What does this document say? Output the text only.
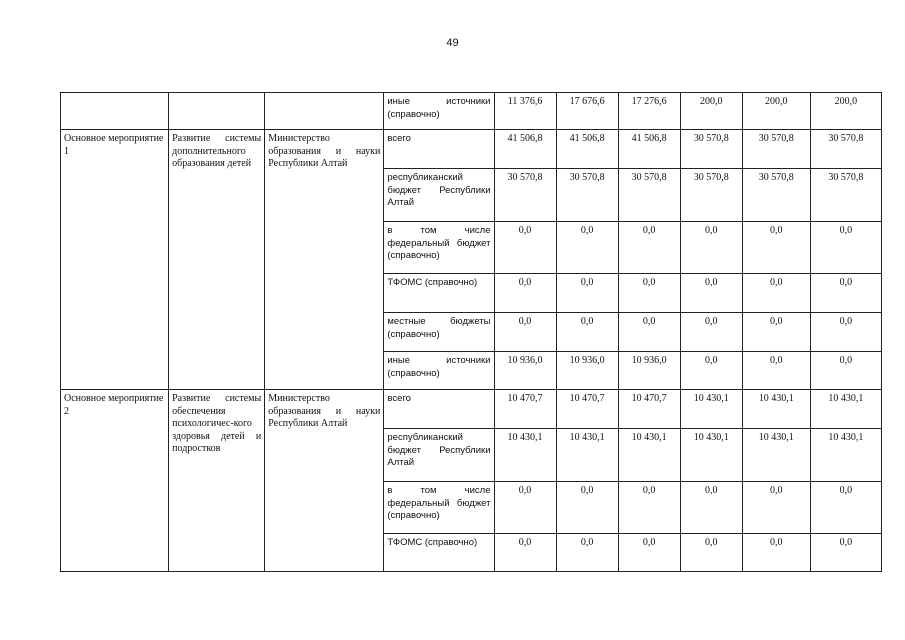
49
			иные источники (справочно)	11 376,6	17 676,6	17 276,6	200,0	200,0	200,0
Основное мероприятие 1	Развитие системы дополнительного образования детей	Министерство образования и науки Республики Алтай	всего	41 506,8	41 506,8	41 506,8	30 570,8	30 570,8	30 570,8
			республиканский бюджет Республики Алтай	30 570,8	30 570,8	30 570,8	30 570,8	30 570,8	30 570,8
			в том числе федеральный бюджет (справочно)	0,0	0,0	0,0	0,0	0,0	0,0
			ТФОМС (справочно)	0,0	0,0	0,0	0,0	0,0	0,0
			местные бюджеты (справочно)	0,0	0,0	0,0	0,0	0,0	0,0
			иные источники (справочно)	10 936,0	10 936,0	10 936,0	0,0	0,0	0,0
Основное мероприятие 2	Развитие системы обеспечения психологичес-кого здоровья детей и подростков	Министерство образования и науки Республики Алтай	всего	10 470,7	10 470,7	10 470,7	10 430,1	10 430,1	10 430,1
			республиканский бюджет Республики Алтай	10 430,1	10 430,1	10 430,1	10 430,1	10 430,1	10 430,1
			в том числе федеральный бюджет (справочно)	0,0	0,0	0,0	0,0	0,0	0,0
			ТФОМС (справочно)	0,0	0,0	0,0	0,0	0,0	0,0
